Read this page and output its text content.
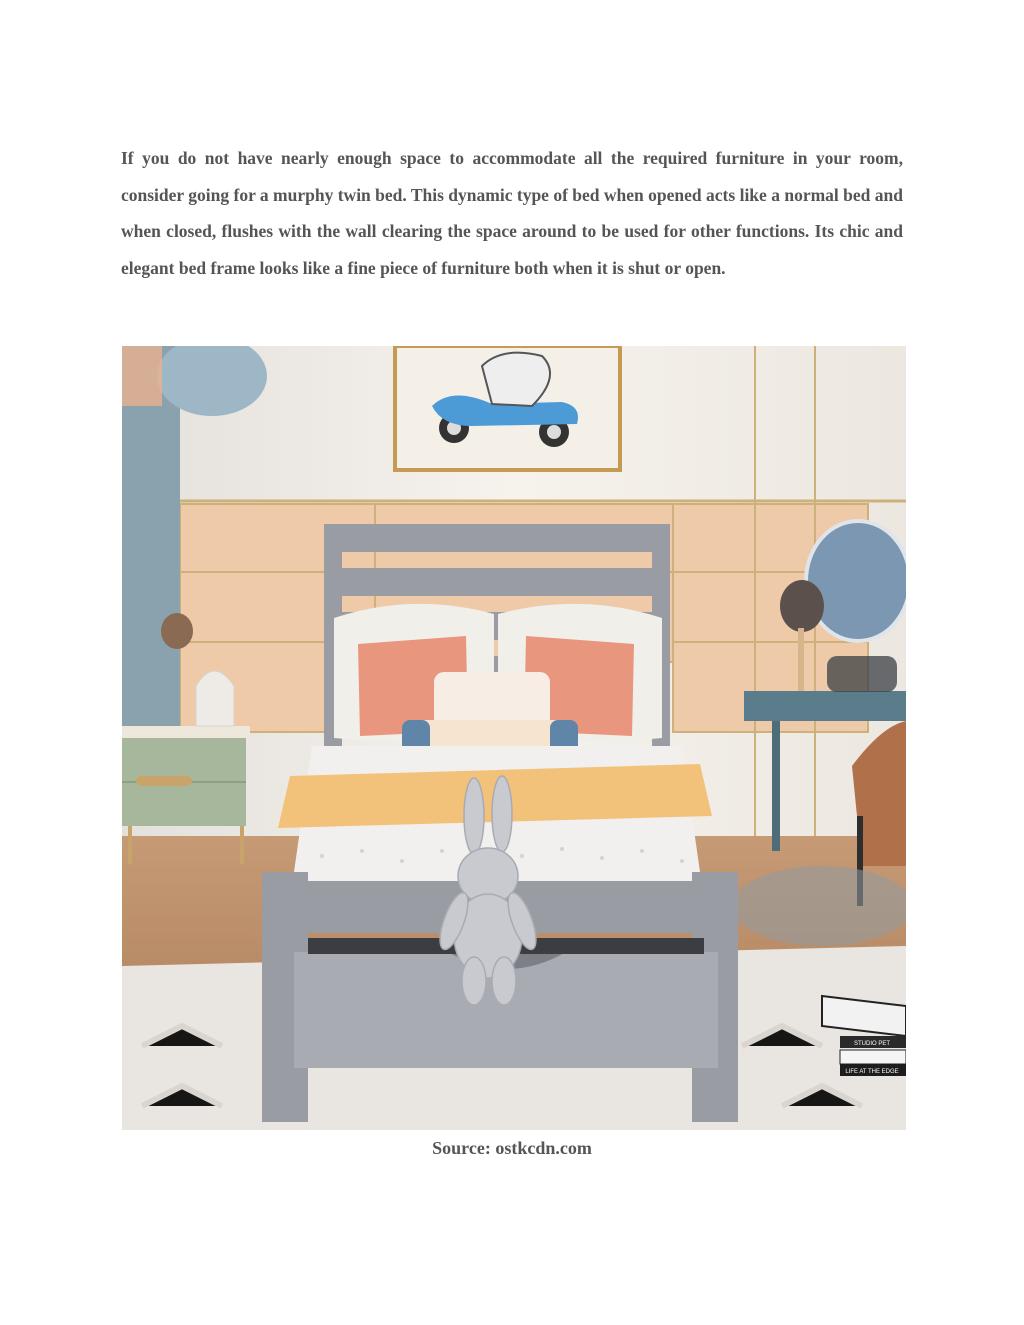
If you do not have nearly enough space to accommodate all the required furniture in your room, consider going for a murphy twin bed. This dynamic type of bed when opened acts like a normal bed and when closed, flushes with the wall clearing the space around to be used for other functions. Its chic and elegant bed frame looks like a fine piece of furniture both when it is shut or open.

STUDIO PET
LIFE AT THE EDGE
Source: ostkcdn.com
